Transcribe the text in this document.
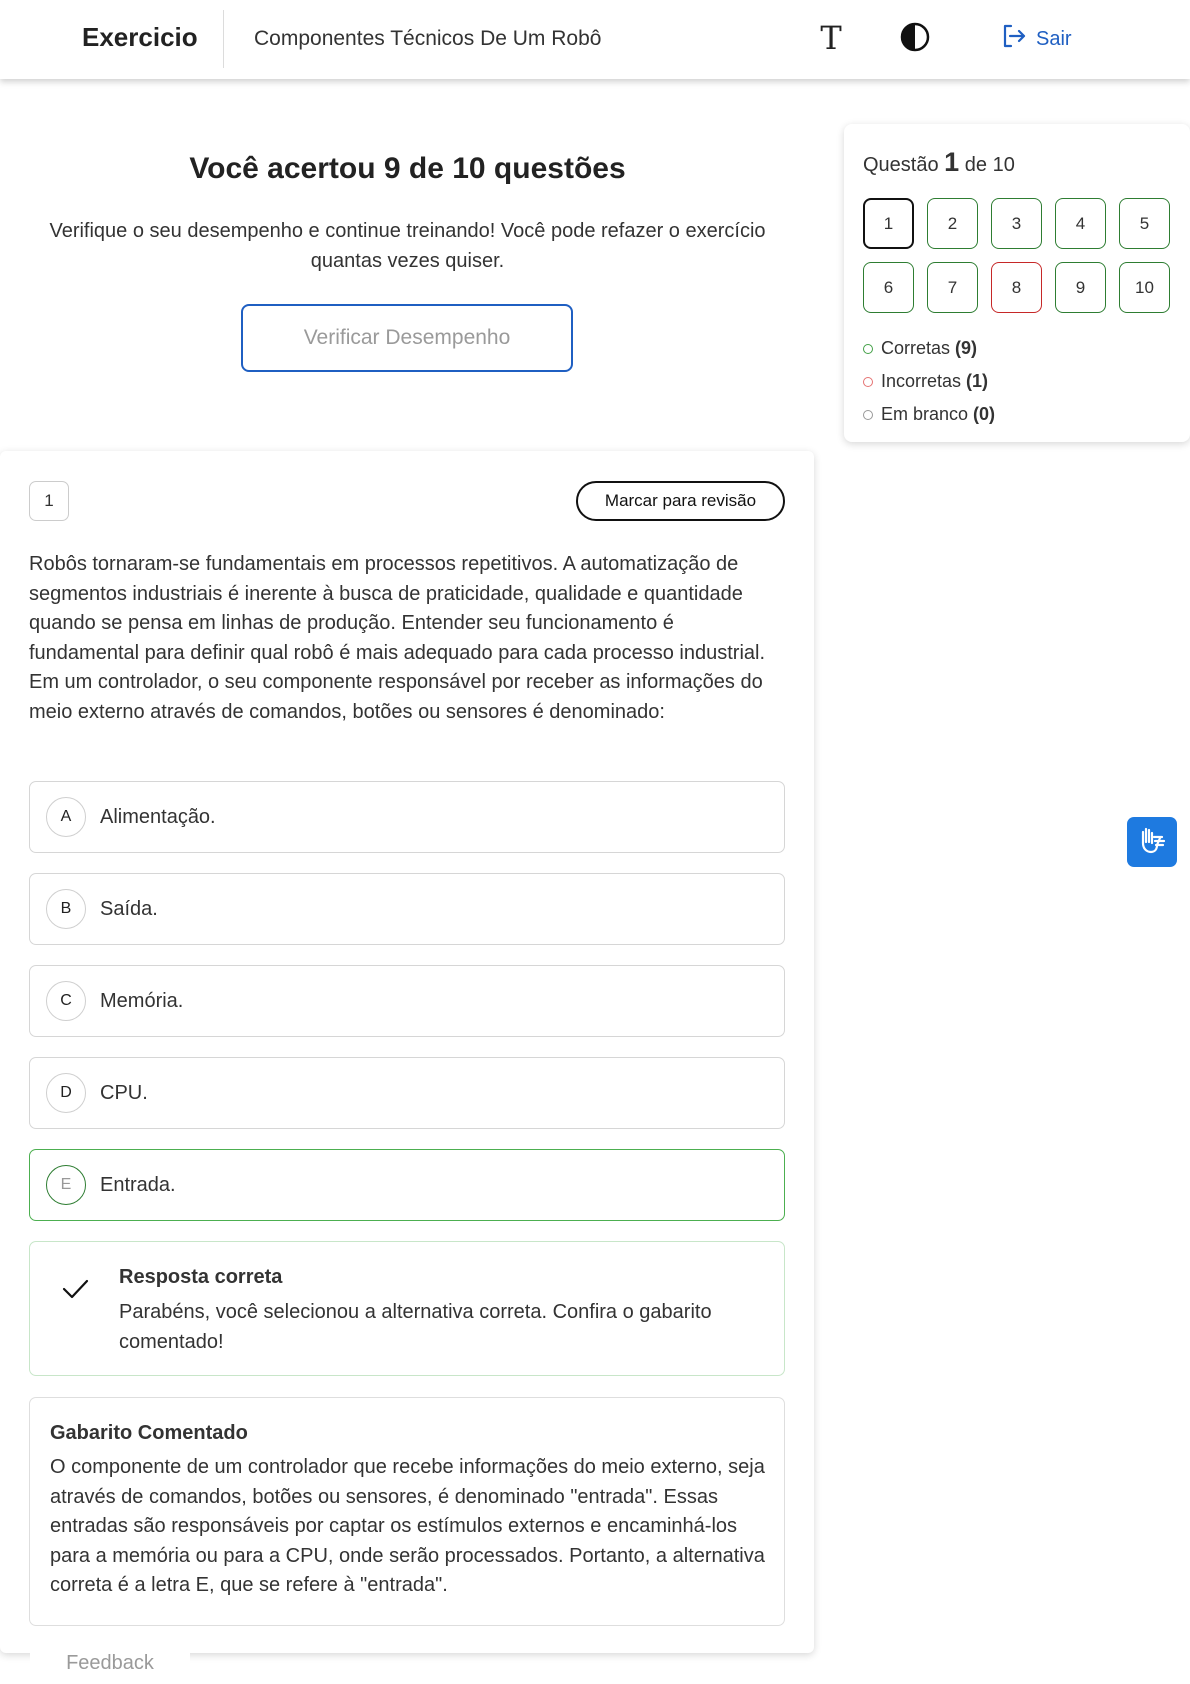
Exercicio	Componentes Técnicos De Um Robô	T	Sair
Você acertou 9 de 10 questões
Verifique o seu desempenho e continue treinando! Você pode refazer o exercício quantas vezes quiser.
Verificar Desempenho
Questão 1 de 10
1	2	3	4	5
6	7	8	9	10
Corretas (9)
Incorretas (1)
Em branco (0)
1	Marcar para revisão
Robôs tornaram-se fundamentais em processos repetitivos. A automatização de segmentos industriais é inerente à busca de praticidade, qualidade e quantidade quando se pensa em linhas de produção. Entender seu funcionamento é fundamental para definir qual robô é mais adequado para cada processo industrial. Em um controlador, o seu componente responsável por receber as informações do meio externo através de comandos, botões ou sensores é denominado:
A	Alimentação.
B	Saída.
C	Memória.
D	CPU.
E	Entrada.
Resposta correta
Parabéns, você selecionou a alternativa correta. Confira o gabarito comentado!
Gabarito Comentado
O componente de um controlador que recebe informações do meio externo, seja através de comandos, botões ou sensores, é denominado "entrada". Essas entradas são responsáveis por captar os estímulos externos e encaminhá-los para a memória ou para a CPU, onde serão processados. Portanto, a alternativa correta é a letra E, que se refere à "entrada".
Feedback
